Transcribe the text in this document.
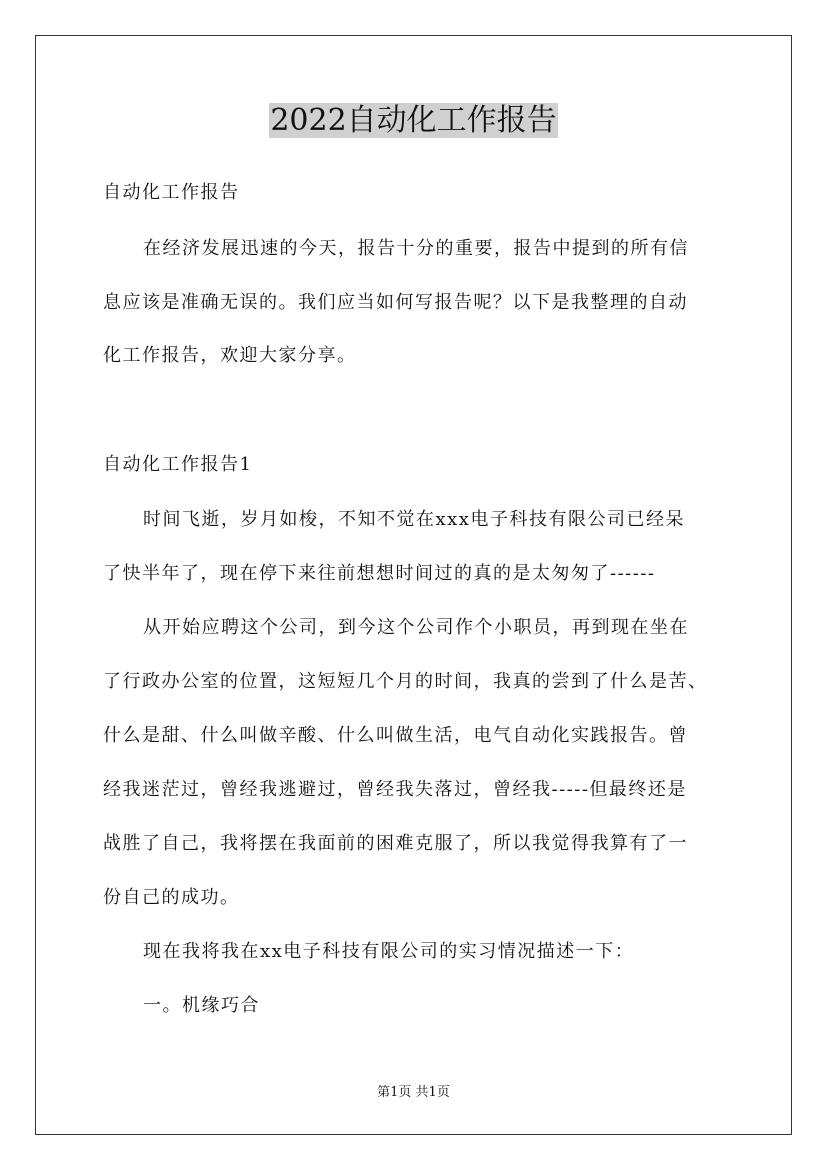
2022自动化工作报告

自动化工作报告

在经济发展迅速的今天，报告十分的重要，报告中提到的所有信

息应该是准确无误的。我们应当如何写报告呢？以下是我整理的自动

化工作报告，欢迎大家分享。

自动化工作报告1

时间飞逝，岁月如梭，不知不觉在xxx电子科技有限公司已经呆

了快半年了，现在停下来往前想想时间过的真的是太匆匆了------

从开始应聘这个公司，到今这个公司作个小职员，再到现在坐在

了行政办公室的位置，这短短几个月的时间，我真的尝到了什么是苦、

什么是甜、什么叫做辛酸、什么叫做生活，电气自动化实践报告。曾

经我迷茫过，曾经我逃避过，曾经我失落过，曾经我-----但最终还是

战胜了自己，我将摆在我面前的困难克服了，所以我觉得我算有了一

份自己的成功。

现在我将我在xx电子科技有限公司的实习情况描述一下：

一。机缘巧合

第1页 共1页
